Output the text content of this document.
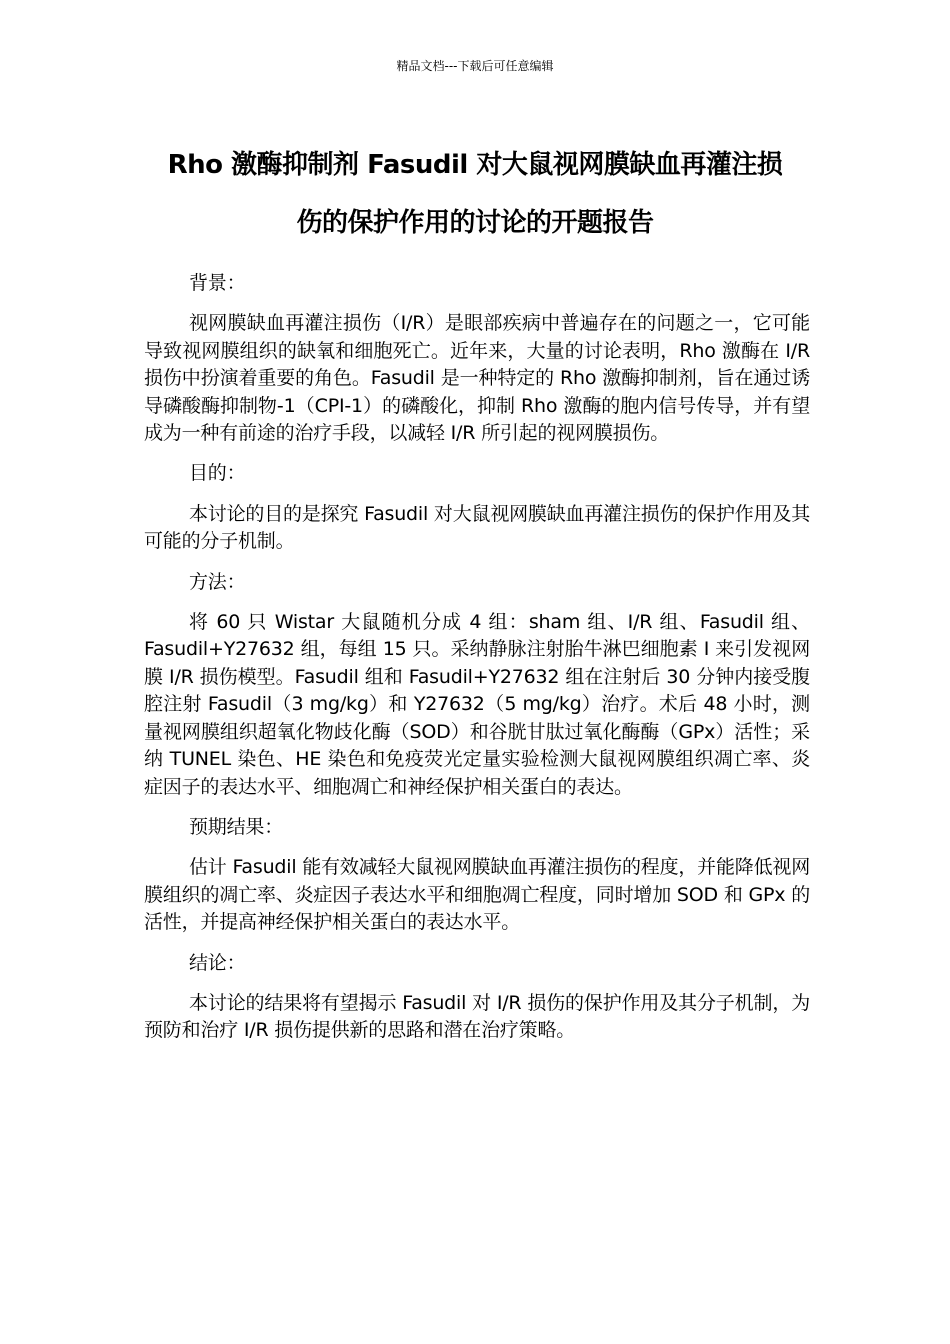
精品文档---下载后可任意编辑
Rho 激酶抑制剂 Fasudil 对大鼠视网膜缺血再灌注损
伤的保护作用的讨论的开题报告

背景：

视网膜缺血再灌注损伤（I/R）是眼部疾病中普遍存在的问题之一，它可能导致视网膜组织的缺氧和细胞死亡。近年来，大量的讨论表明，Rho 激酶在 I/R 损伤中扮演着重要的角色。Fasudil 是一种特定的 Rho 激酶抑制剂，旨在通过诱导磷酸酶抑制物-1（CPI-1）的磷酸化，抑制 Rho 激酶的胞内信号传导，并有望成为一种有前途的治疗手段，以减轻 I/R 所引起的视网膜损伤。

目的：

本讨论的目的是探究 Fasudil 对大鼠视网膜缺血再灌注损伤的保护作用及其可能的分子机制。

方法：

将 60 只 Wistar 大鼠随机分成 4 组：sham 组、I/R 组、Fasudil 组、Fasudil+Y27632 组，每组 15 只。采纳静脉注射胎牛淋巴细胞素 I 来引发视网膜 I/R 损伤模型。Fasudil 组和 Fasudil+Y27632 组在注射后 30 分钟内接受腹腔注射 Fasudil（3 mg/kg）和 Y27632（5 mg/kg）治疗。术后 48 小时，测量视网膜组织超氧化物歧化酶（SOD）和谷胱甘肽过氧化酶酶（GPx）活性；采纳 TUNEL 染色、HE 染色和免疫荧光定量实验检测大鼠视网膜组织凋亡率、炎症因子的表达水平、细胞凋亡和神经保护相关蛋白的表达。

预期结果：

估计 Fasudil 能有效减轻大鼠视网膜缺血再灌注损伤的程度，并能降低视网膜组织的凋亡率、炎症因子表达水平和细胞凋亡程度，同时增加 SOD 和 GPx 的活性，并提高神经保护相关蛋白的表达水平。

结论：

本讨论的结果将有望揭示 Fasudil 对 I/R 损伤的保护作用及其分子机制，为预防和治疗 I/R 损伤提供新的思路和潜在治疗策略。
